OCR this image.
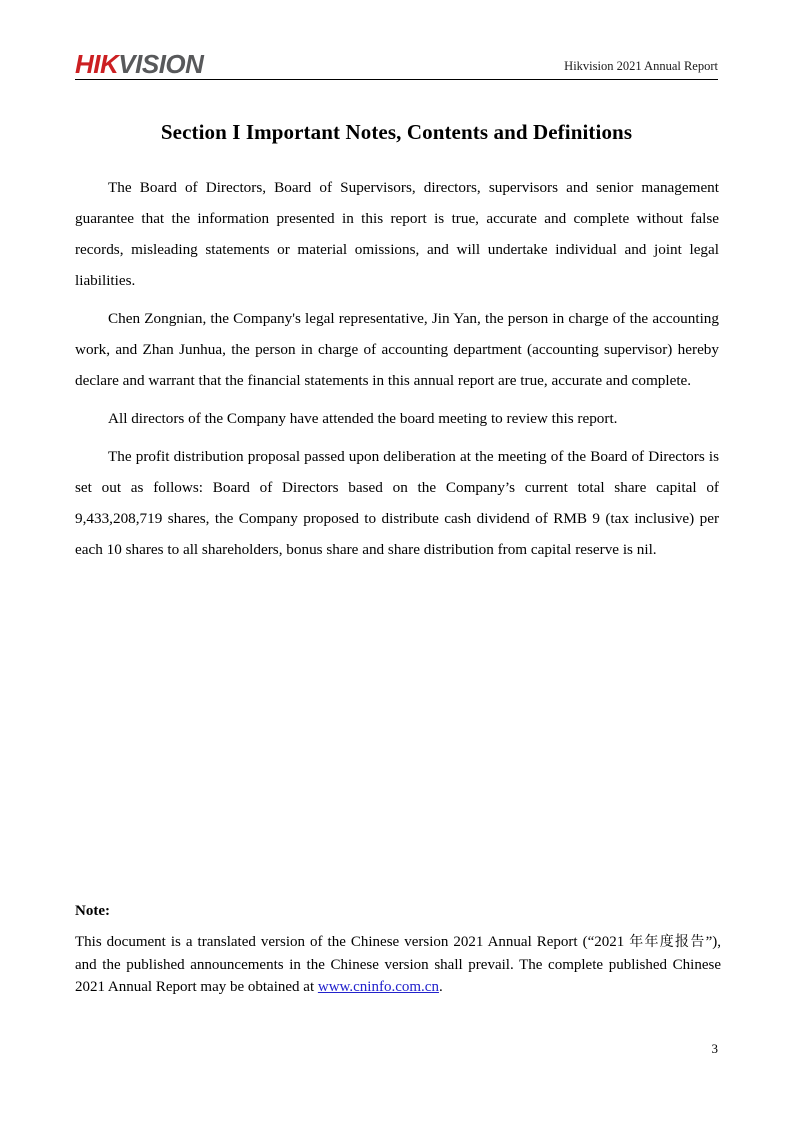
HIKVISION	Hikvision 2021 Annual Report
Section I Important Notes, Contents and Definitions

The Board of Directors, Board of Supervisors, directors, supervisors and senior management guarantee that the information presented in this report is true, accurate and complete without false records, misleading statements or material omissions, and will undertake individual and joint legal liabilities.

Chen Zongnian, the Company's legal representative, Jin Yan, the person in charge of the accounting work, and Zhan Junhua, the person in charge of accounting department (accounting supervisor) hereby declare and warrant that the financial statements in this annual report are true, accurate and complete.

All directors of the Company have attended the board meeting to review this report.

The profit distribution proposal passed upon deliberation at the meeting of the Board of Directors is set out as follows: Board of Directors based on the Company’s current total share capital of 9,433,208,719 shares, the Company proposed to distribute cash dividend of RMB 9 (tax inclusive) per each 10 shares to all shareholders, bonus share and share distribution from capital reserve is nil.

Note:

This document is a translated version of the Chinese version 2021 Annual Report (“2021 年年度报告”), and the published announcements in the Chinese version shall prevail. The complete published Chinese 2021 Annual Report may be obtained at www.cninfo.com.cn.

3
